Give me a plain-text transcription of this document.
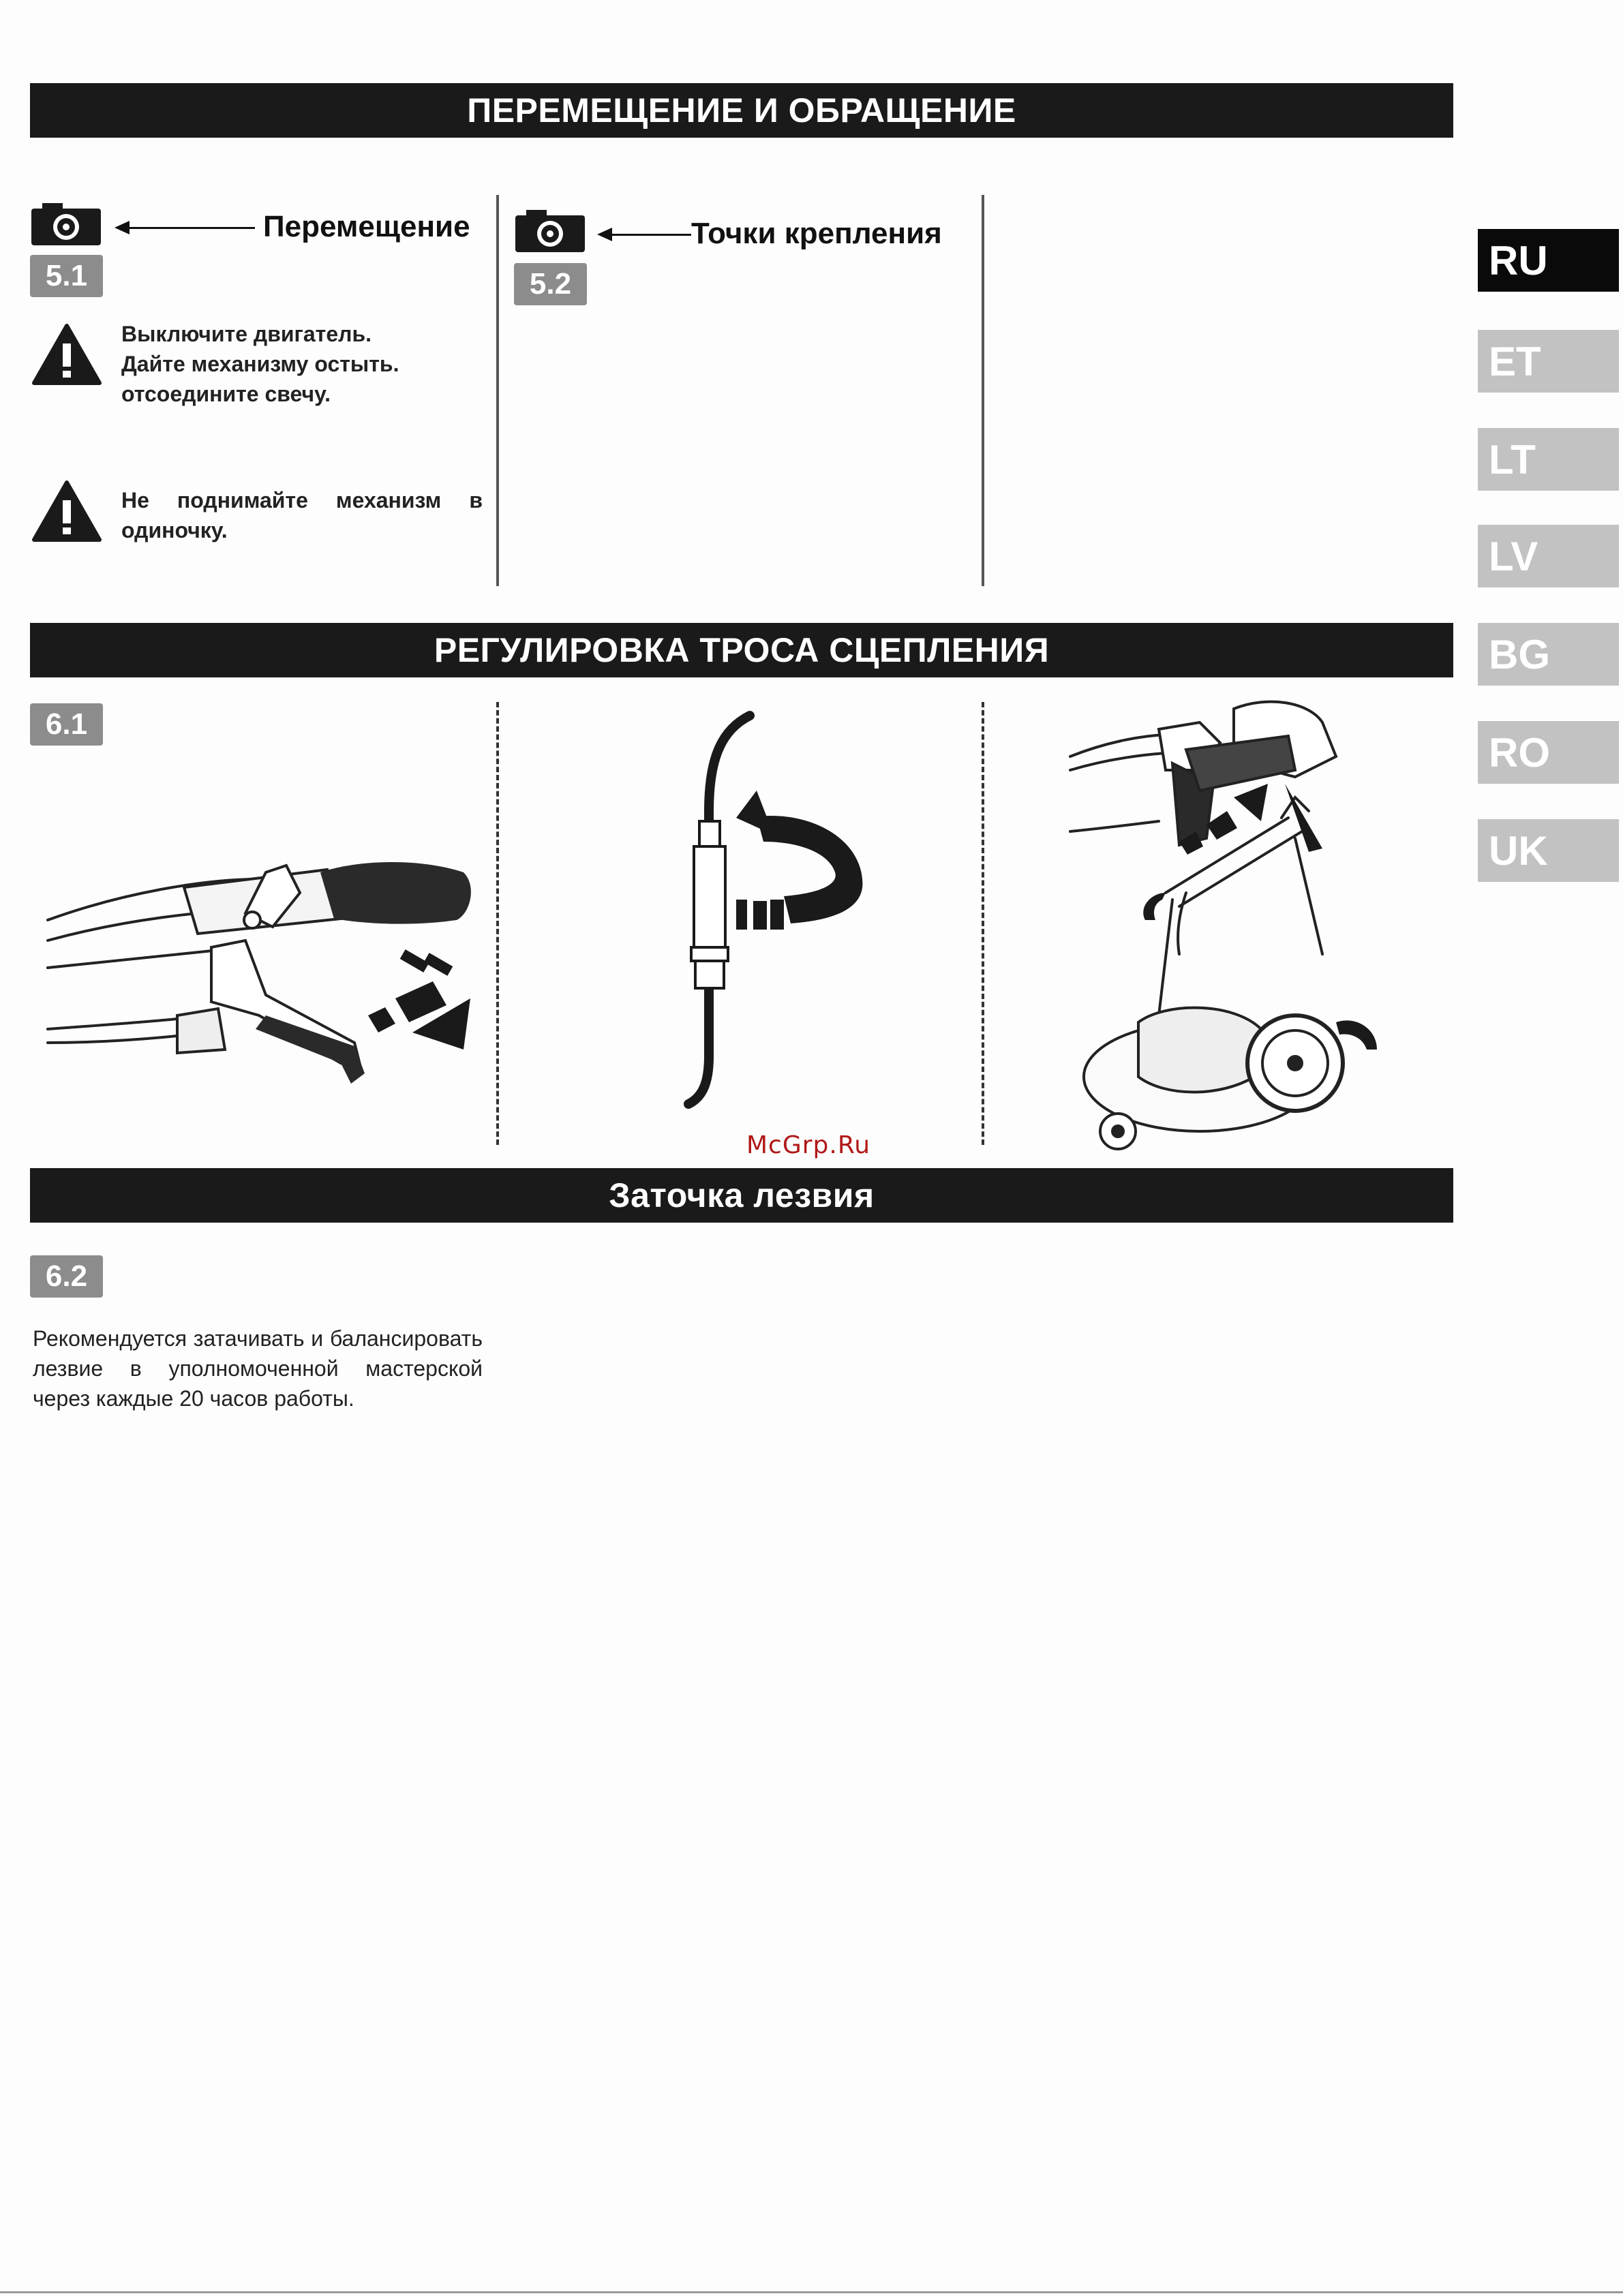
ПЕРЕМЕЩЕНИЕ И ОБРАЩЕНИЕ
5.1
Перемещение
Выключите двигатель.
Дайте механизму остыть.
отсоедините свечу.
Не поднимайте механизм в одиночку.
5.2
Точки крепления
РЕГУЛИРОВКА ТРОСА СЦЕПЛЕНИЯ
6.1
McGrp.Ru
Заточка лезвия
6.2
Рекомендуется затачивать и балансировать лезвие в уполномоченной мастерской через каждые 20 часов работы.
RU
ET
LT
LV
BG
RO
UK
